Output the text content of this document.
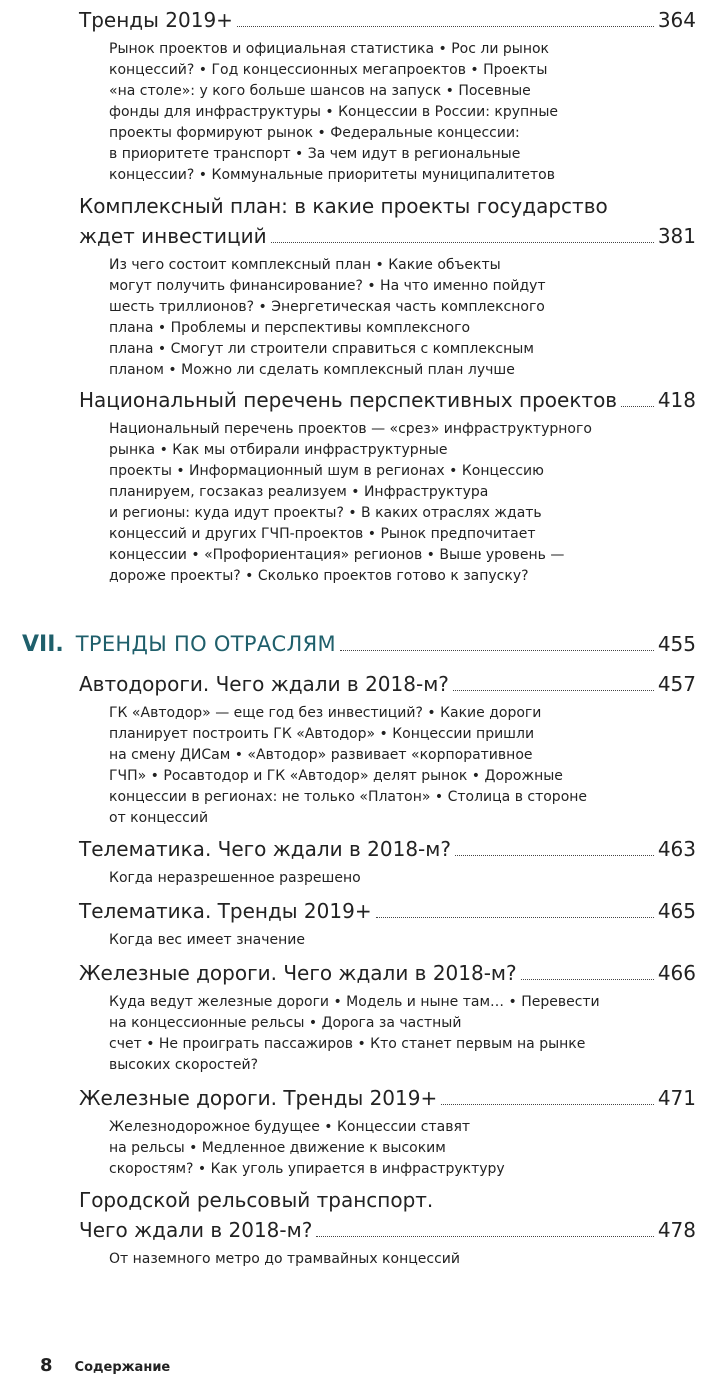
Тренды 2019+	364
Рынок проектов и официальная статистика • Рос ли рынок
концессий? • Год концессионных мегапроектов • Проекты
«на столе»: у кого больше шансов на запуск • Посевные
фонды для инфраструктуры • Концессии в России: крупные
проекты формируют рынок • Федеральные концессии:
в приоритете транспорт • За чем идут в региональные
концессии? • Коммунальные приоритеты муниципалитетов
Комплексный план: в какие проекты государство
ждет инвестиций	381
Из чего состоит комплексный план • Какие объекты
могут получить финансирование? • На что именно пойдут
шесть триллионов? • Энергетическая часть комплексного
плана • Проблемы и перспективы комплексного
плана • Смогут ли строители справиться с комплексным
планом • Можно ли сделать комплексный план лучше
Национальный перечень перспективных проектов 418
Национальный перечень проектов — «срез» инфраструктурного
рынка • Как мы отбирали инфраструктурные
проекты • Информационный шум в регионах • Концессию
планируем, госзаказ реализуем • Инфраструктура
и регионы: куда идут проекты? • В каких отраслях ждать
концессий и других ГЧП-проектов • Рынок предпочитает
концессии • «Профориентация» регионов • Выше уровень —
дороже проекты? • Сколько проектов готово к запуску?
VII. ТРЕНДЫ ПО ОТРАСЛЯМ	455
Автодороги. Чего ждали в 2018-м?	457
ГК «Автодор» — еще год без инвестиций? • Какие дороги
планирует построить ГК «Автодор» • Концессии пришли
на смену ДИСам • «Автодор» развивает «корпоративное
ГЧП» • Росавтодор и ГК «Автодор» делят рынок • Дорожные
концессии в регионах: не только «Платон» • Столица в стороне
от концессий
Телематика. Чего ждали в 2018-м?	463
Когда неразрешенное разрешено
Телематика. Тренды 2019+	465
Когда вес имеет значение
Железные дороги. Чего ждали в 2018-м?	466
Куда ведут железные дороги • Модель и ныне там… • Перевести
на концессионные рельсы • Дорога за частный
счет • Не проиграть пассажиров • Кто станет первым на рынке
высоких скоростей?
Железные дороги. Тренды 2019+	471
Железнодорожное будущее • Концессии ставят
на рельсы • Медленное движение к высоким
скоростям? • Как уголь упирается в инфраструктуру
Городской рельсовый транспорт.
Чего ждали в 2018-м?	478
От наземного метро до трамвайных концессий
8 Содержание
